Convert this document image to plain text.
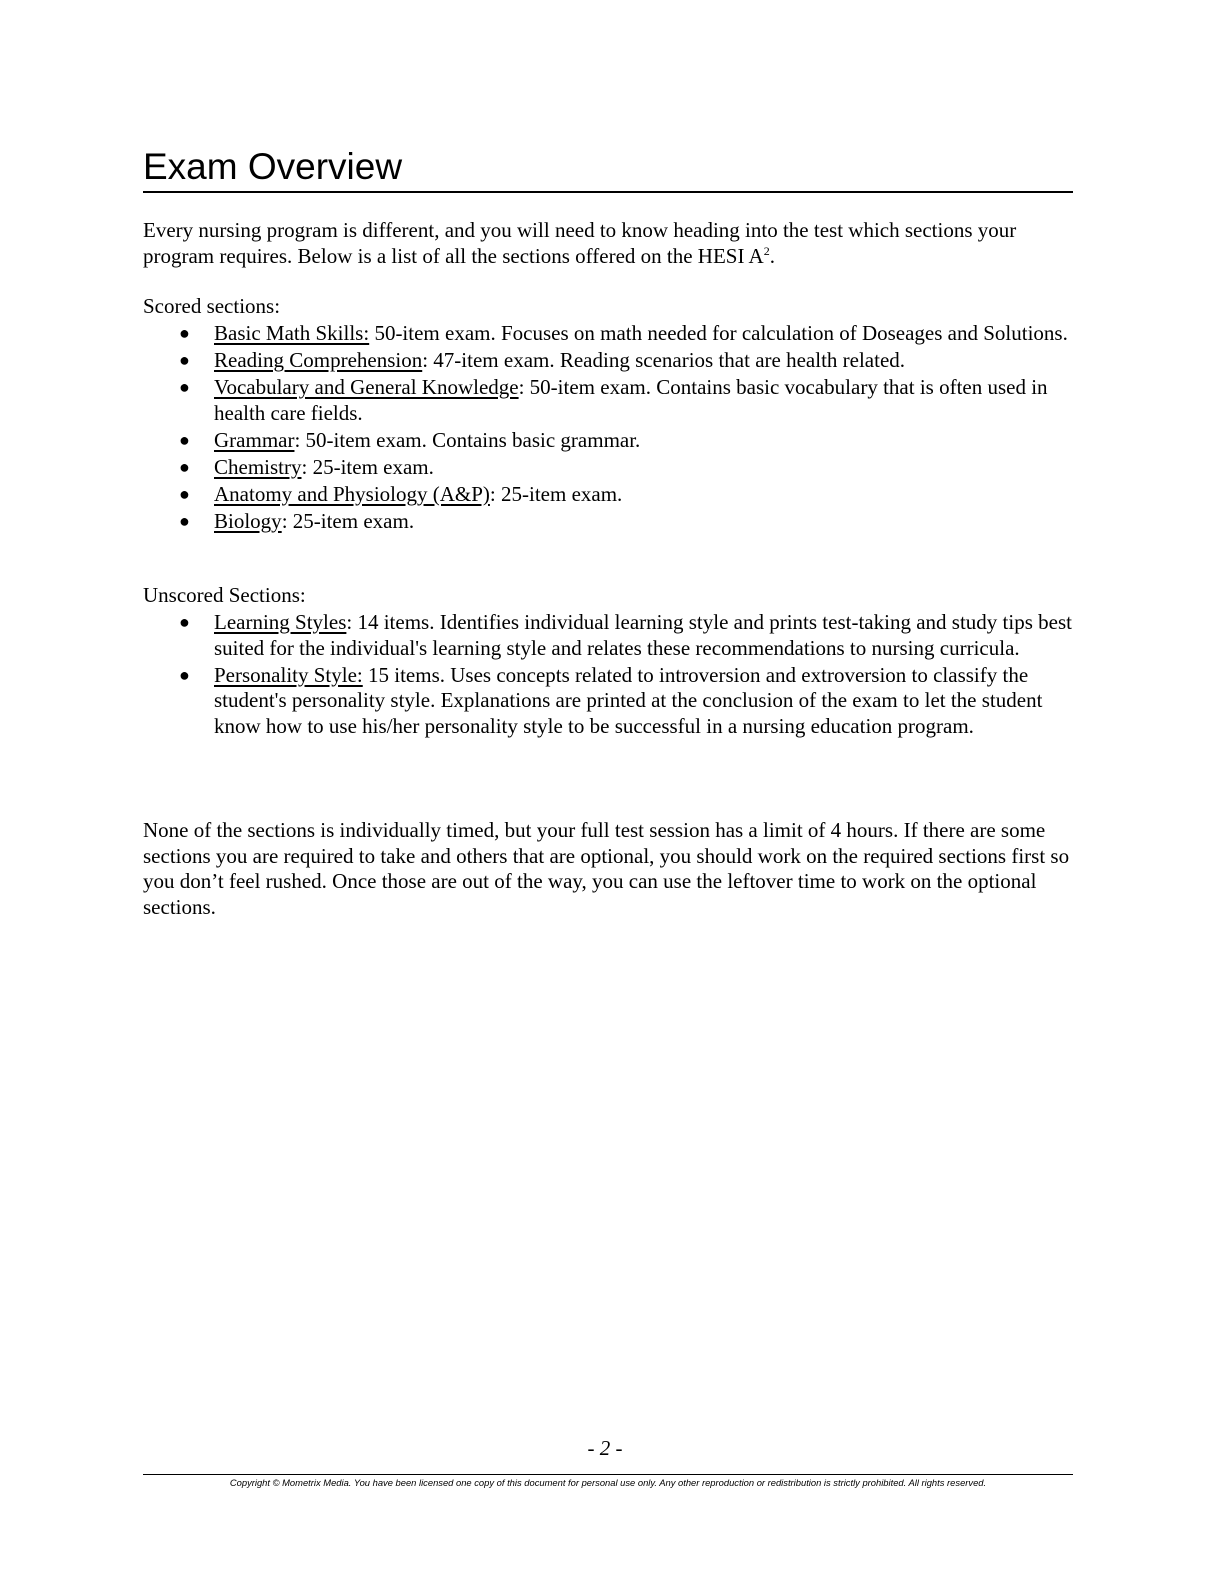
Exam Overview

Every nursing program is different, and you will need to know heading into the test which sections your program requires. Below is a list of all the sections offered on the HESI $A^2$.

Scored sections:

● Basic Math Skills: 50-item exam. Focuses on math needed for calculation of Doseages and Solutions.
● Reading Comprehension: 47-item exam. Reading scenarios that are health related.
● Vocabulary and General Knowledge: 50-item exam. Contains basic vocabulary that is often used in health care fields.
● Grammar: 50-item exam. Contains basic grammar.
● Chemistry: 25-item exam.
● Anatomy and Physiology (A&P): 25-item exam.
● Biology: 25-item exam.

Unscored Sections:

● Learning Styles: 14 items. Identifies individual learning style and prints test-taking and study tips best suited for the individual's learning style and relates these recommendations to nursing curricula.
● Personality Style: 15 items. Uses concepts related to introversion and extroversion to classify the student's personality style. Explanations are printed at the conclusion of the exam to let the student know how to use his/her personality style to be successful in a nursing education program.

None of the sections is individually timed, but your full test session has a limit of 4 hours. If there are some sections you are required to take and others that are optional, you should work on the required sections first so you don’t feel rushed. Once those are out of the way, you can use the leftover time to work on the optional sections.

- 2 -
Copyright © Mometrix Media. You have been licensed one copy of this document for personal use only. Any other reproduction or redistribution is strictly prohibited. All rights reserved.
